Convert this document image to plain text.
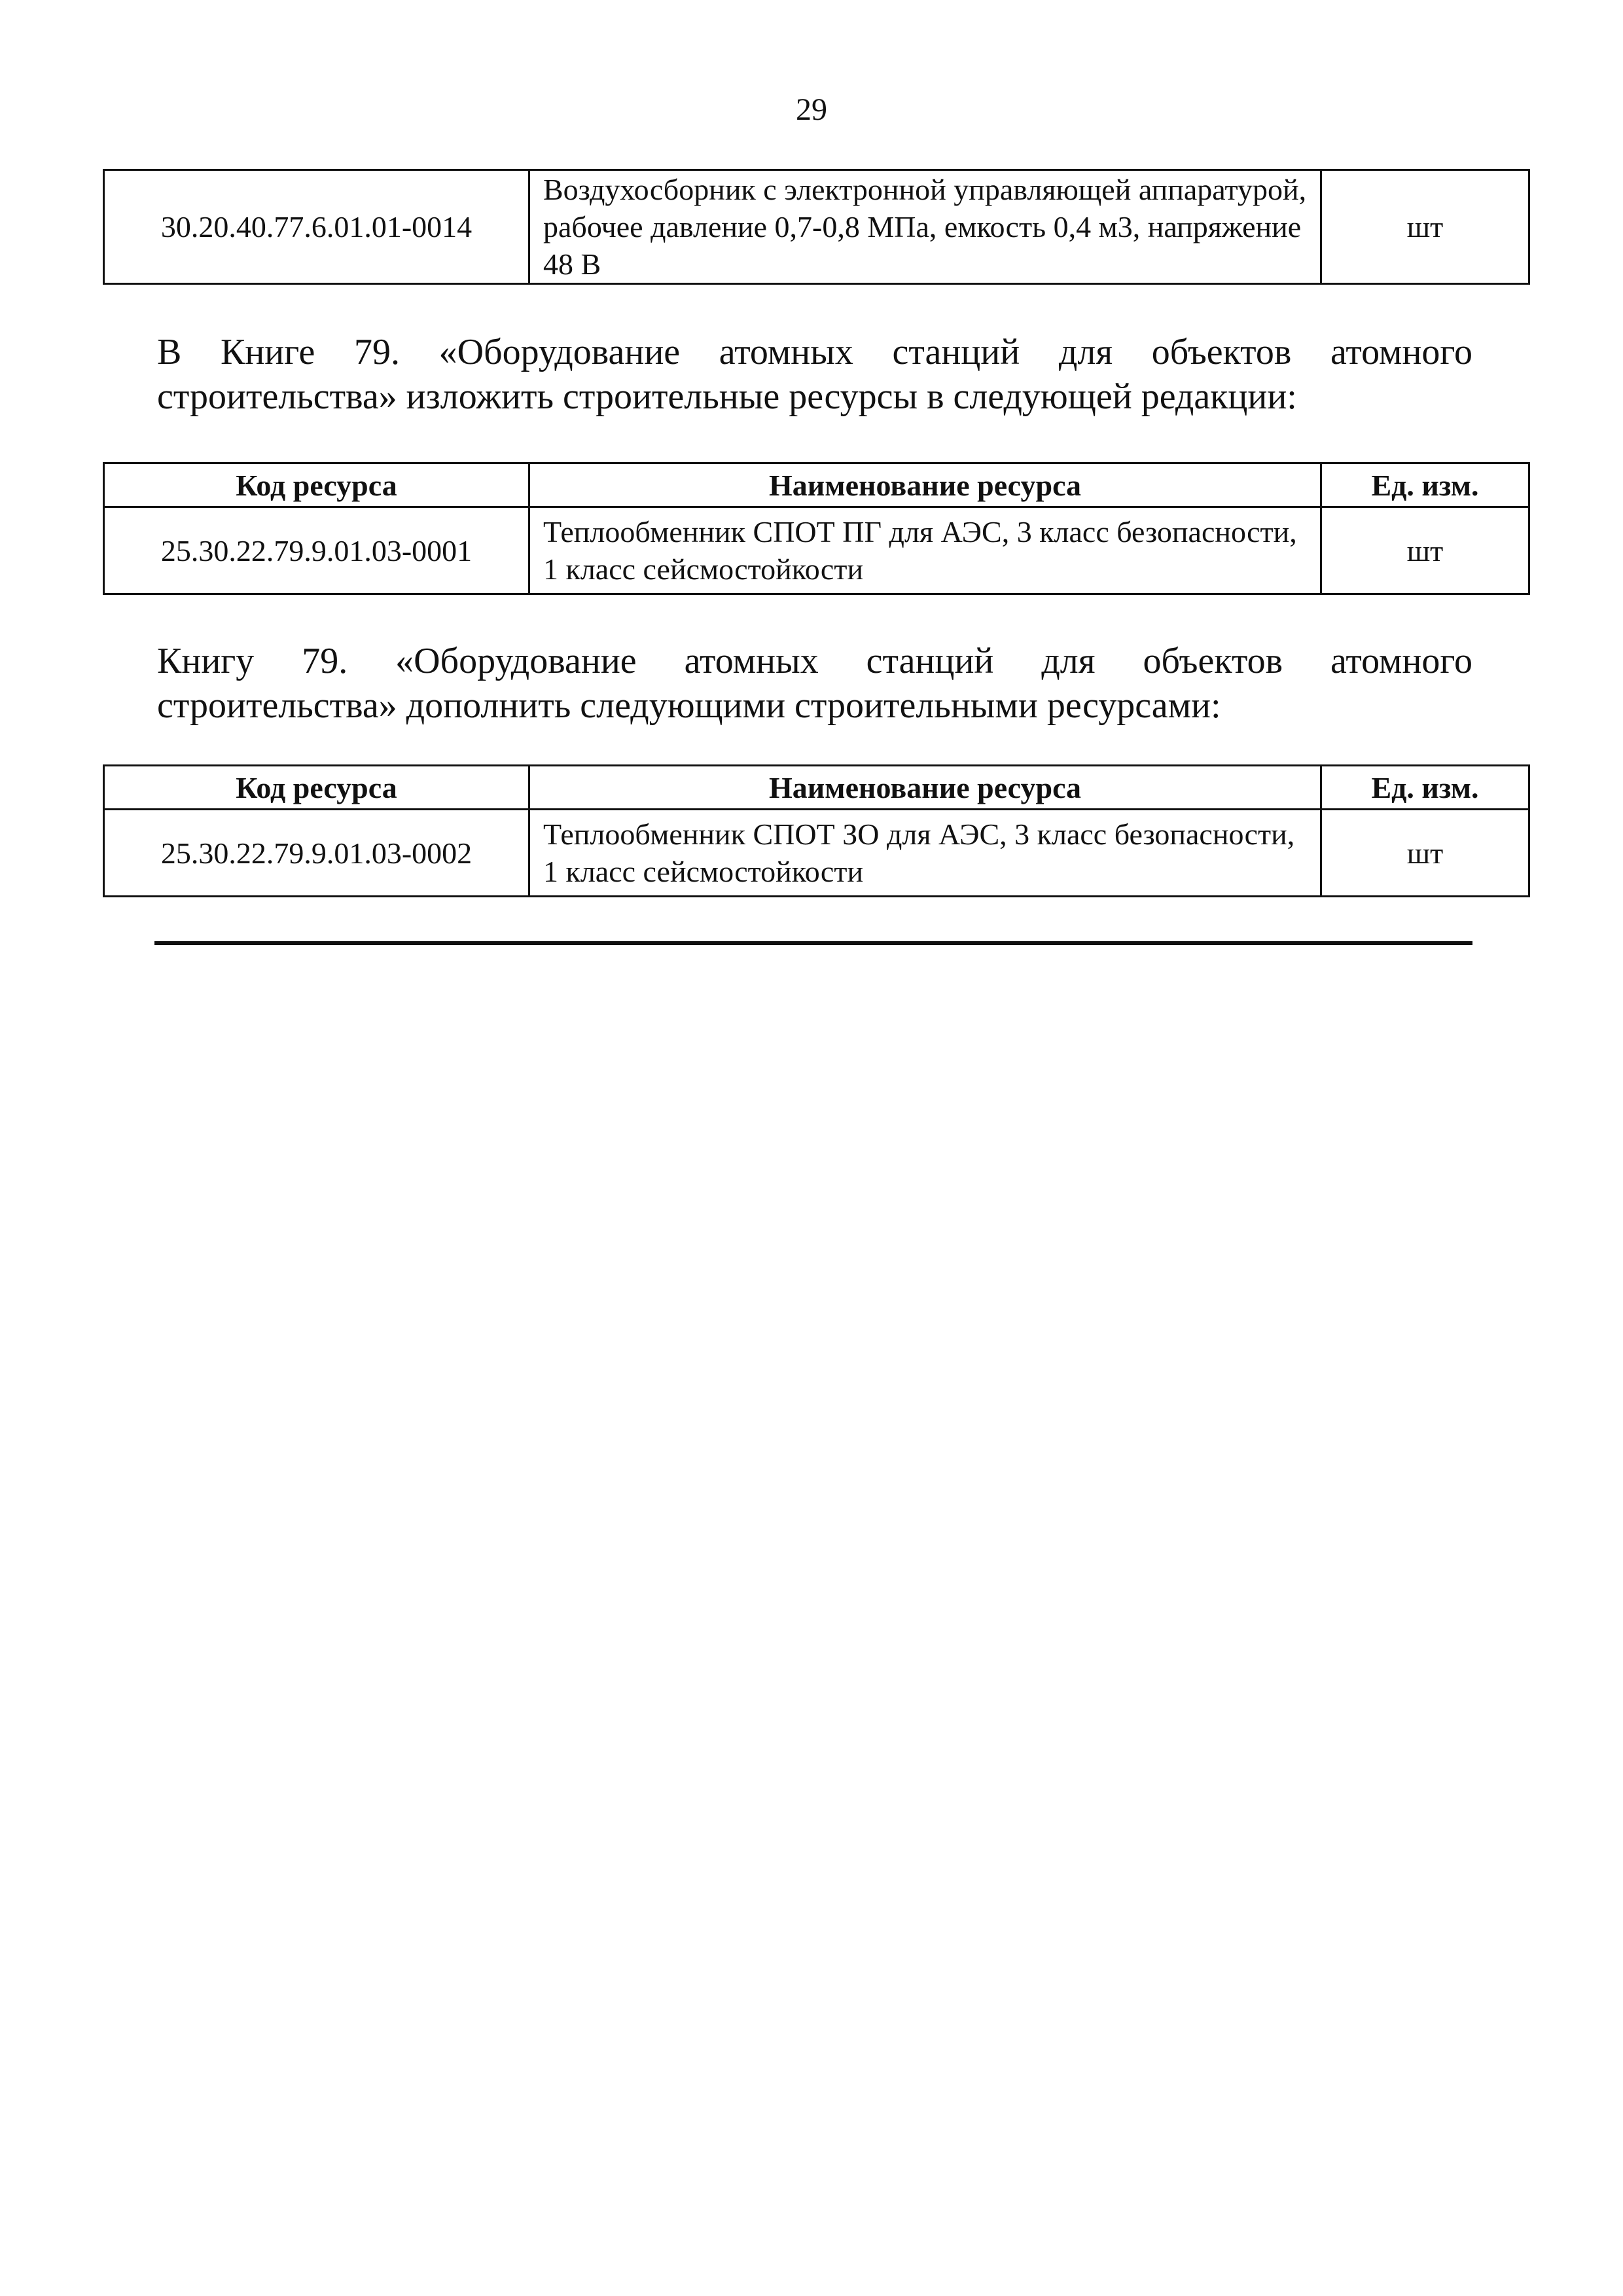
29
30.20.40.77.6.01.01-0014	Воздухосборник с электронной управляющей аппаратурой, рабочее давление 0,7-0,8 МПа, емкость 0,4 м3, напряжение 48 В	шт
В Книге 79. «Оборудование атомных станций для объектов атомного
строительства» изложить строительные ресурсы в следующей редакции:
Код ресурса	Наименование ресурса	Ед. изм.
25.30.22.79.9.01.03-0001	Теплообменник СПОТ ПГ для АЭС, 3 класс безопасности, 1 класс сейсмостойкости	шт
Книгу 79. «Оборудование атомных станций для объектов атомного
строительства» дополнить следующими строительными ресурсами:
Код ресурса	Наименование ресурса	Ед. изм.
25.30.22.79.9.01.03-0002	Теплообменник СПОТ ЗО для АЭС, 3 класс безопасности, 1 класс сейсмостойкости	шт
